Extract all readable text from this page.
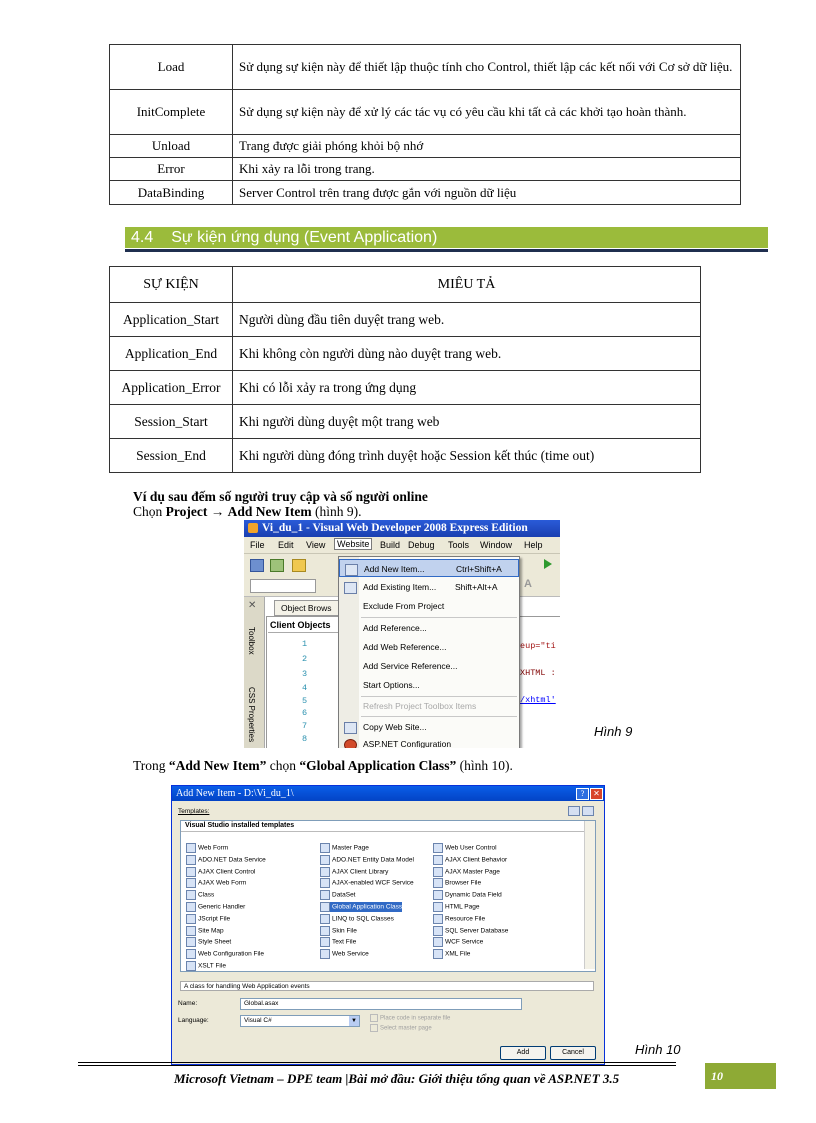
Load	Sử dụng sự kiện này để thiết lập thuộc tính cho Control, thiết lập các kết nối với Cơ sở dữ liệu.
InitComplete	Sử dụng sự kiện này để xử lý các tác vụ có yêu cầu khi tất cả các khởi tạo hoàn thành.
Unload	Trang được giải phóng khỏi bộ nhớ
Error	Khi xảy ra lỗi trong trang.
DataBinding	Server Control trên trang được gắn với nguồn dữ liệu
4.4 Sự kiện ứng dụng (Event Application)
SỰ KIỆN	MIÊU TẢ
Application_Start	Người dùng đầu tiên duyệt trang web.
Application_End	Khi không còn người dùng nào duyệt trang web.
Application_Error	Khi có lỗi xảy ra trong ứng dụng
Session_Start	Khi người dùng duyệt một trang web
Session_End	Khi người dùng đóng trình duyệt hoặc Session kết thúc (time out)
Ví dụ sau đếm số người truy cập và số người online
Chọn Project → Add New Item (hình 9).
Vi_du_1 - Visual Web Developer 2008 Express Edition
File Edit View	Website	Build Debug Tools Window Help
A
✕
Toolbox
CSS Properties
Object Brows
Client Objects
1
2
3
4
5
6
7
8
eup="ti
XHTML :
/xhtml'
Add New Item...	Ctrl+Shift+A
Add Existing Item... Shift+Alt+A
Exclude From Project
Add Reference...
Add Web Reference...
Add Service Reference...
Start Options...
Refresh Project Toolbox Items
Copy Web Site...
ASP.NET Configuration
Hình 9
Trong “Add New Item” chọn “Global Application Class” (hình 10).
Add New Item - D:\Vi_du_1\	?	✕
Templates:
Visual Studio installed templates
Web Form
ADO.NET Data Service
AJAX Client Control
AJAX Web Form
Class
Generic Handler
JScript File
Site Map
Style Sheet
Web Configuration File
XSLT File
Master Page
ADO.NET Entity Data Model
AJAX Client Library
AJAX-enabled WCF Service
DataSet
Global Application Class
LINQ to SQL Classes
Skin File
Text File
Web Service
Web User Control
AJAX Client Behavior
AJAX Master Page
Browser File
Dynamic Data Field
HTML Page
Resource File
SQL Server Database
WCF Service
XML File
A class for handling Web Application events
Name:	Global.asax
Language:	Visual C#	▼	Place code in separate file
Select master page
Add	Cancel	Hình 10
Microsoft Vietnam – DPE team |Bài mở đầu: Giới thiệu tổng quan về ASP.NET 3.5	10
